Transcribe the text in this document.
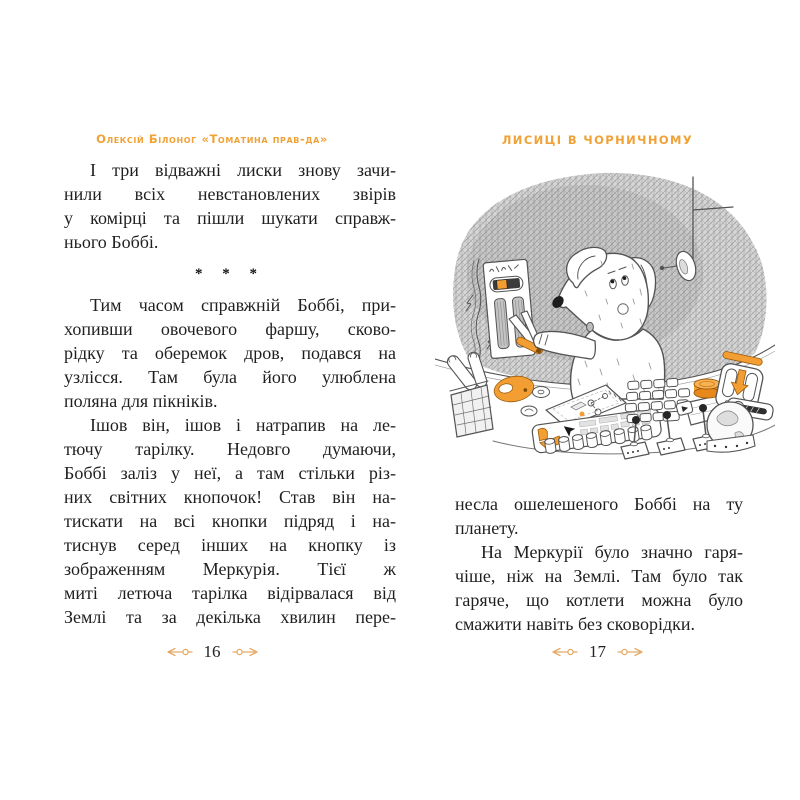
Олексій Білоног «Томатина прав-да»
І три відважні лиски знову зачи-
нили всіх невстановлених звірів
у комірці та пішли шукати справж-
нього Боббі.
* * *
Тим часом справжній Боббі, при-
хопивши овочевого фаршу, сково-
рідку та оберемок дров, подався на
узлісся. Там була його улюблена
поляна для пікніків.
Ішов він, ішов і натрапив на ле-
тючу тарілку. Недовго думаючи,
Боббі заліз у неї, а там стільки різ-
них світних кнопочок! Став він на-
тискати на всі кнопки підряд і на-
тиснув серед інших на кнопку із
зображенням Меркурія. Тієї ж
миті летюча тарілка відірвалася від
Землі та за декілька хвилин пере-
16
ЛИСИЦІ В ЧОРНИЧНОМУ
несла ошелешеного Боббі на ту
планету.
На Меркурії було значно гаря-
чіше, ніж на Землі. Там було так
гаряче, що котлети можна було
смажити навіть без сковорідки.
17
